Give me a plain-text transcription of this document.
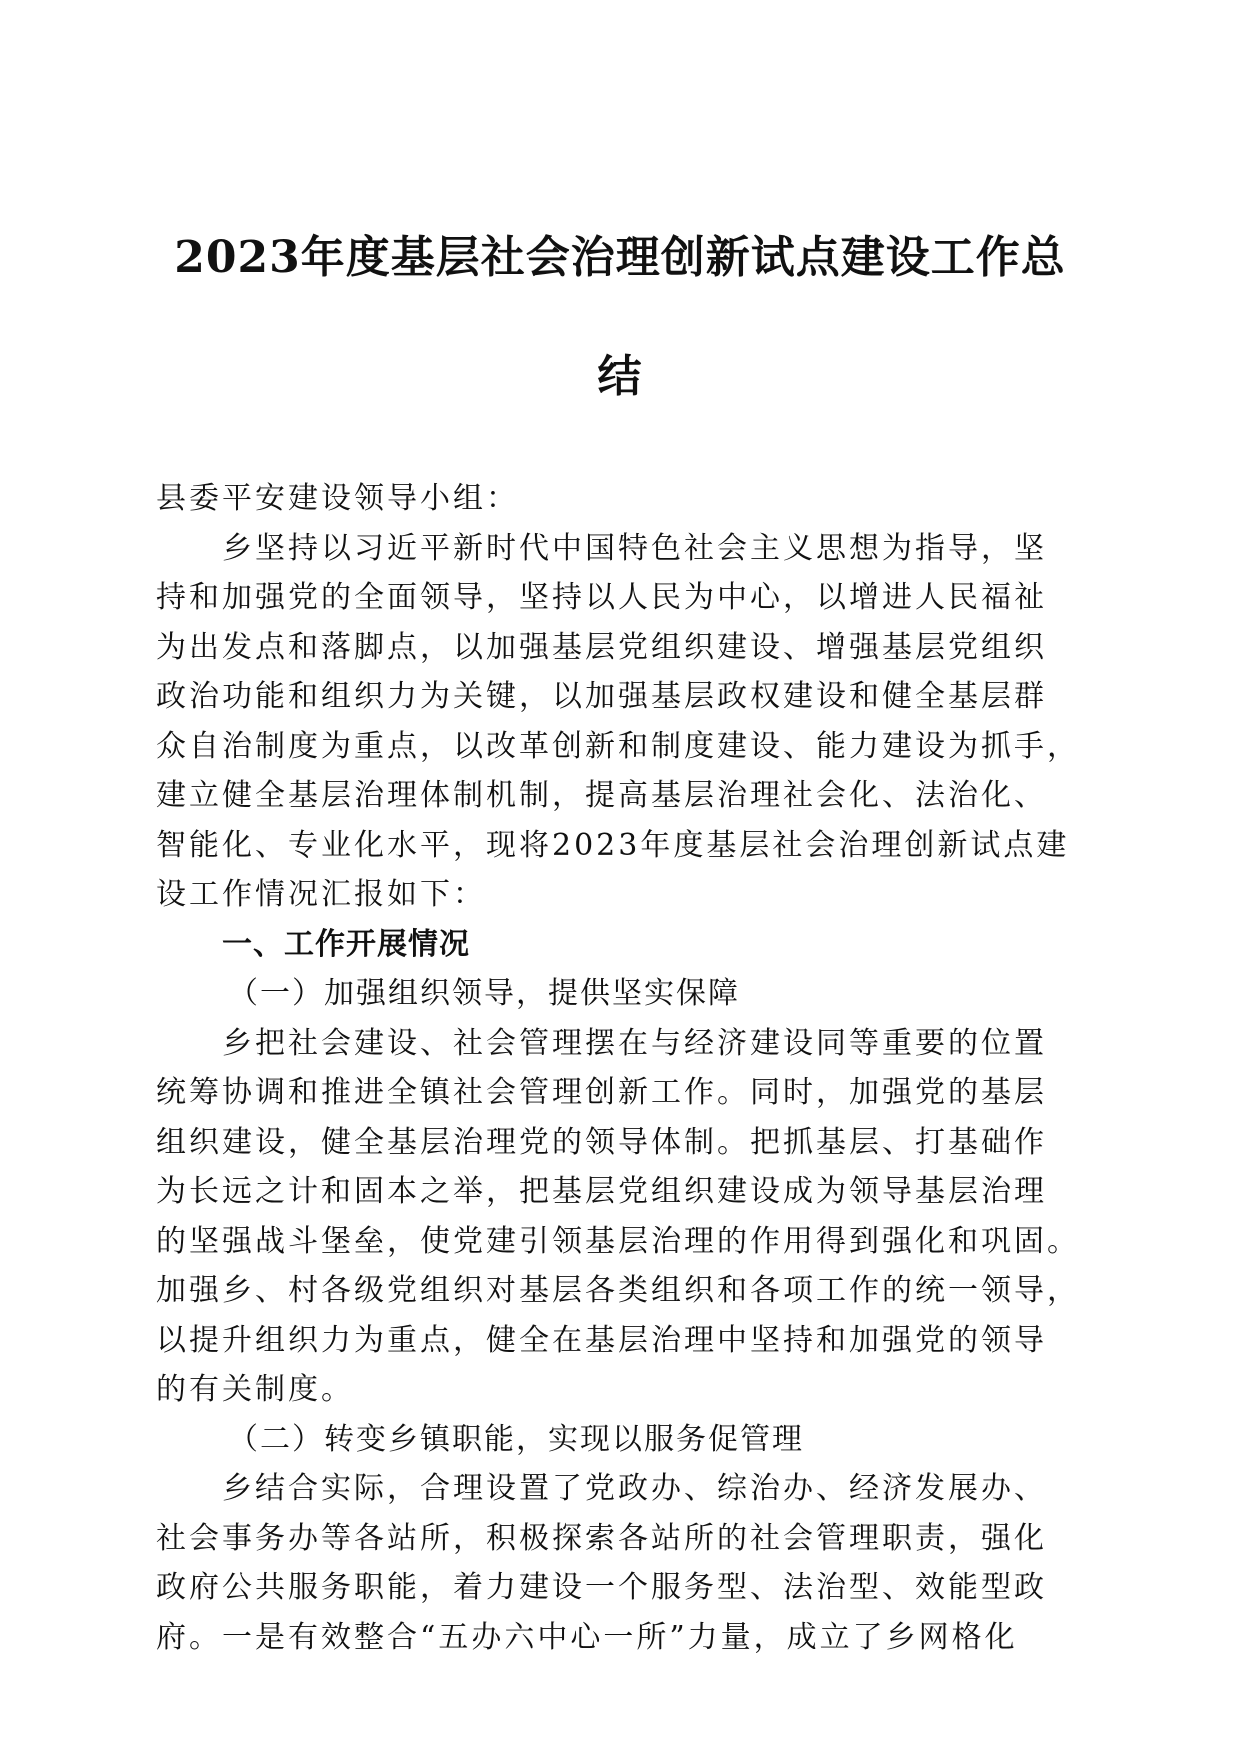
2023年度基层社会治理创新试点建设工作总
结
县委平安建设领导小组：
乡坚持以习近平新时代中国特色社会主义思想为指导，坚
持和加强党的全面领导，坚持以人民为中心，以增进人民福祉
为出发点和落脚点，以加强基层党组织建设、增强基层党组织
政治功能和组织力为关键，以加强基层政权建设和健全基层群
众自治制度为重点，以改革创新和制度建设、能力建设为抓手，
建立健全基层治理体制机制，提高基层治理社会化、法治化、
智能化、专业化水平，现将2023年度基层社会治理创新试点建
设工作情况汇报如下：
一、工作开展情况
（一）加强组织领导，提供坚实保障
乡把社会建设、社会管理摆在与经济建设同等重要的位置
统筹协调和推进全镇社会管理创新工作。同时，加强党的基层
组织建设，健全基层治理党的领导体制。把抓基层、打基础作
为长远之计和固本之举，把基层党组织建设成为领导基层治理
的坚强战斗堡垒，使党建引领基层治理的作用得到强化和巩固。
加强乡、村各级党组织对基层各类组织和各项工作的统一领导，
以提升组织力为重点，健全在基层治理中坚持和加强党的领导
的有关制度。
（二）转变乡镇职能，实现以服务促管理
乡结合实际，合理设置了党政办、综治办、经济发展办、
社会事务办等各站所，积极探索各站所的社会管理职责，强化
政府公共服务职能，着力建设一个服务型、法治型、效能型政
府。一是有效整合“五办六中心一所”力量，成立了乡网格化
